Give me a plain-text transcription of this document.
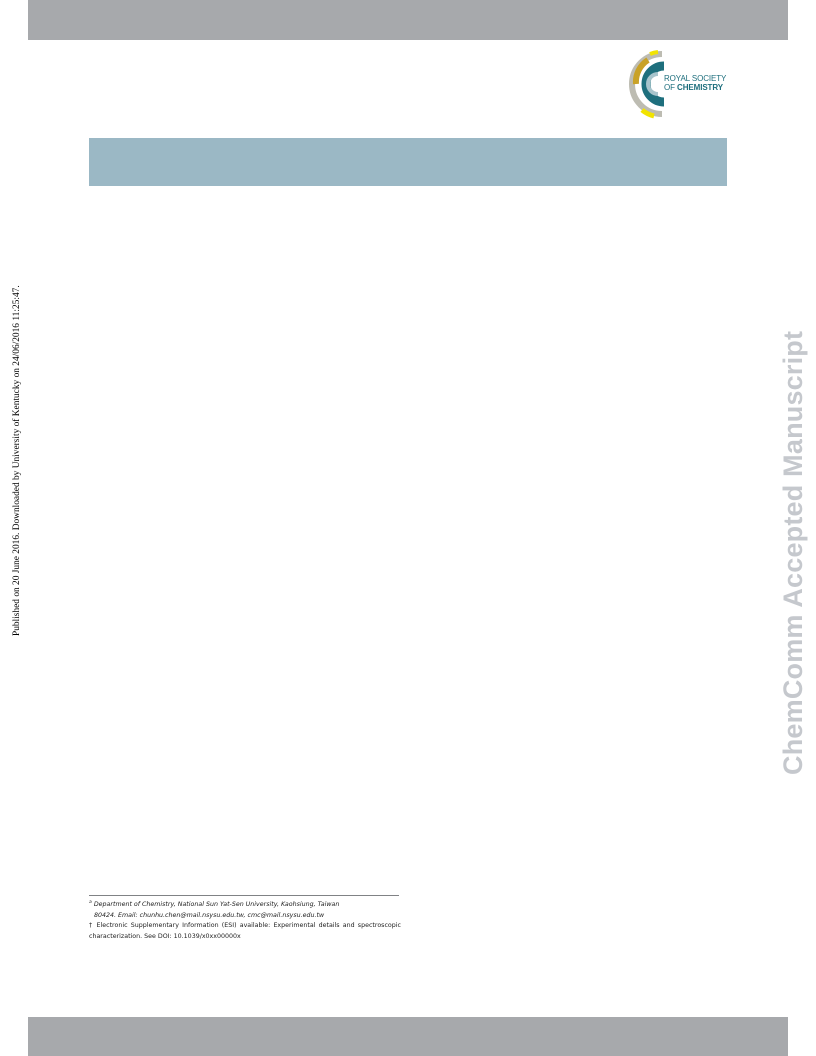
ROYAL SOCIETY
OF CHEMISTRY
Published on 20 June 2016. Downloaded by University of Kentucky on 24/06/2016 11:25:47.	ChemComm Accepted Manuscript
$^a$ Department of Chemistry, National Sun Yat-Sen University, Kaohsiung, Taiwan
80424. Email: chunhu.chen@mail.nsysu.edu.tw, cmc@mail.nsysu.edu.tw
† Electronic Supplementary Information (ESI) available: Experimental details and spectroscopic characterization. See DOI: 10.1039/x0xx00000x
